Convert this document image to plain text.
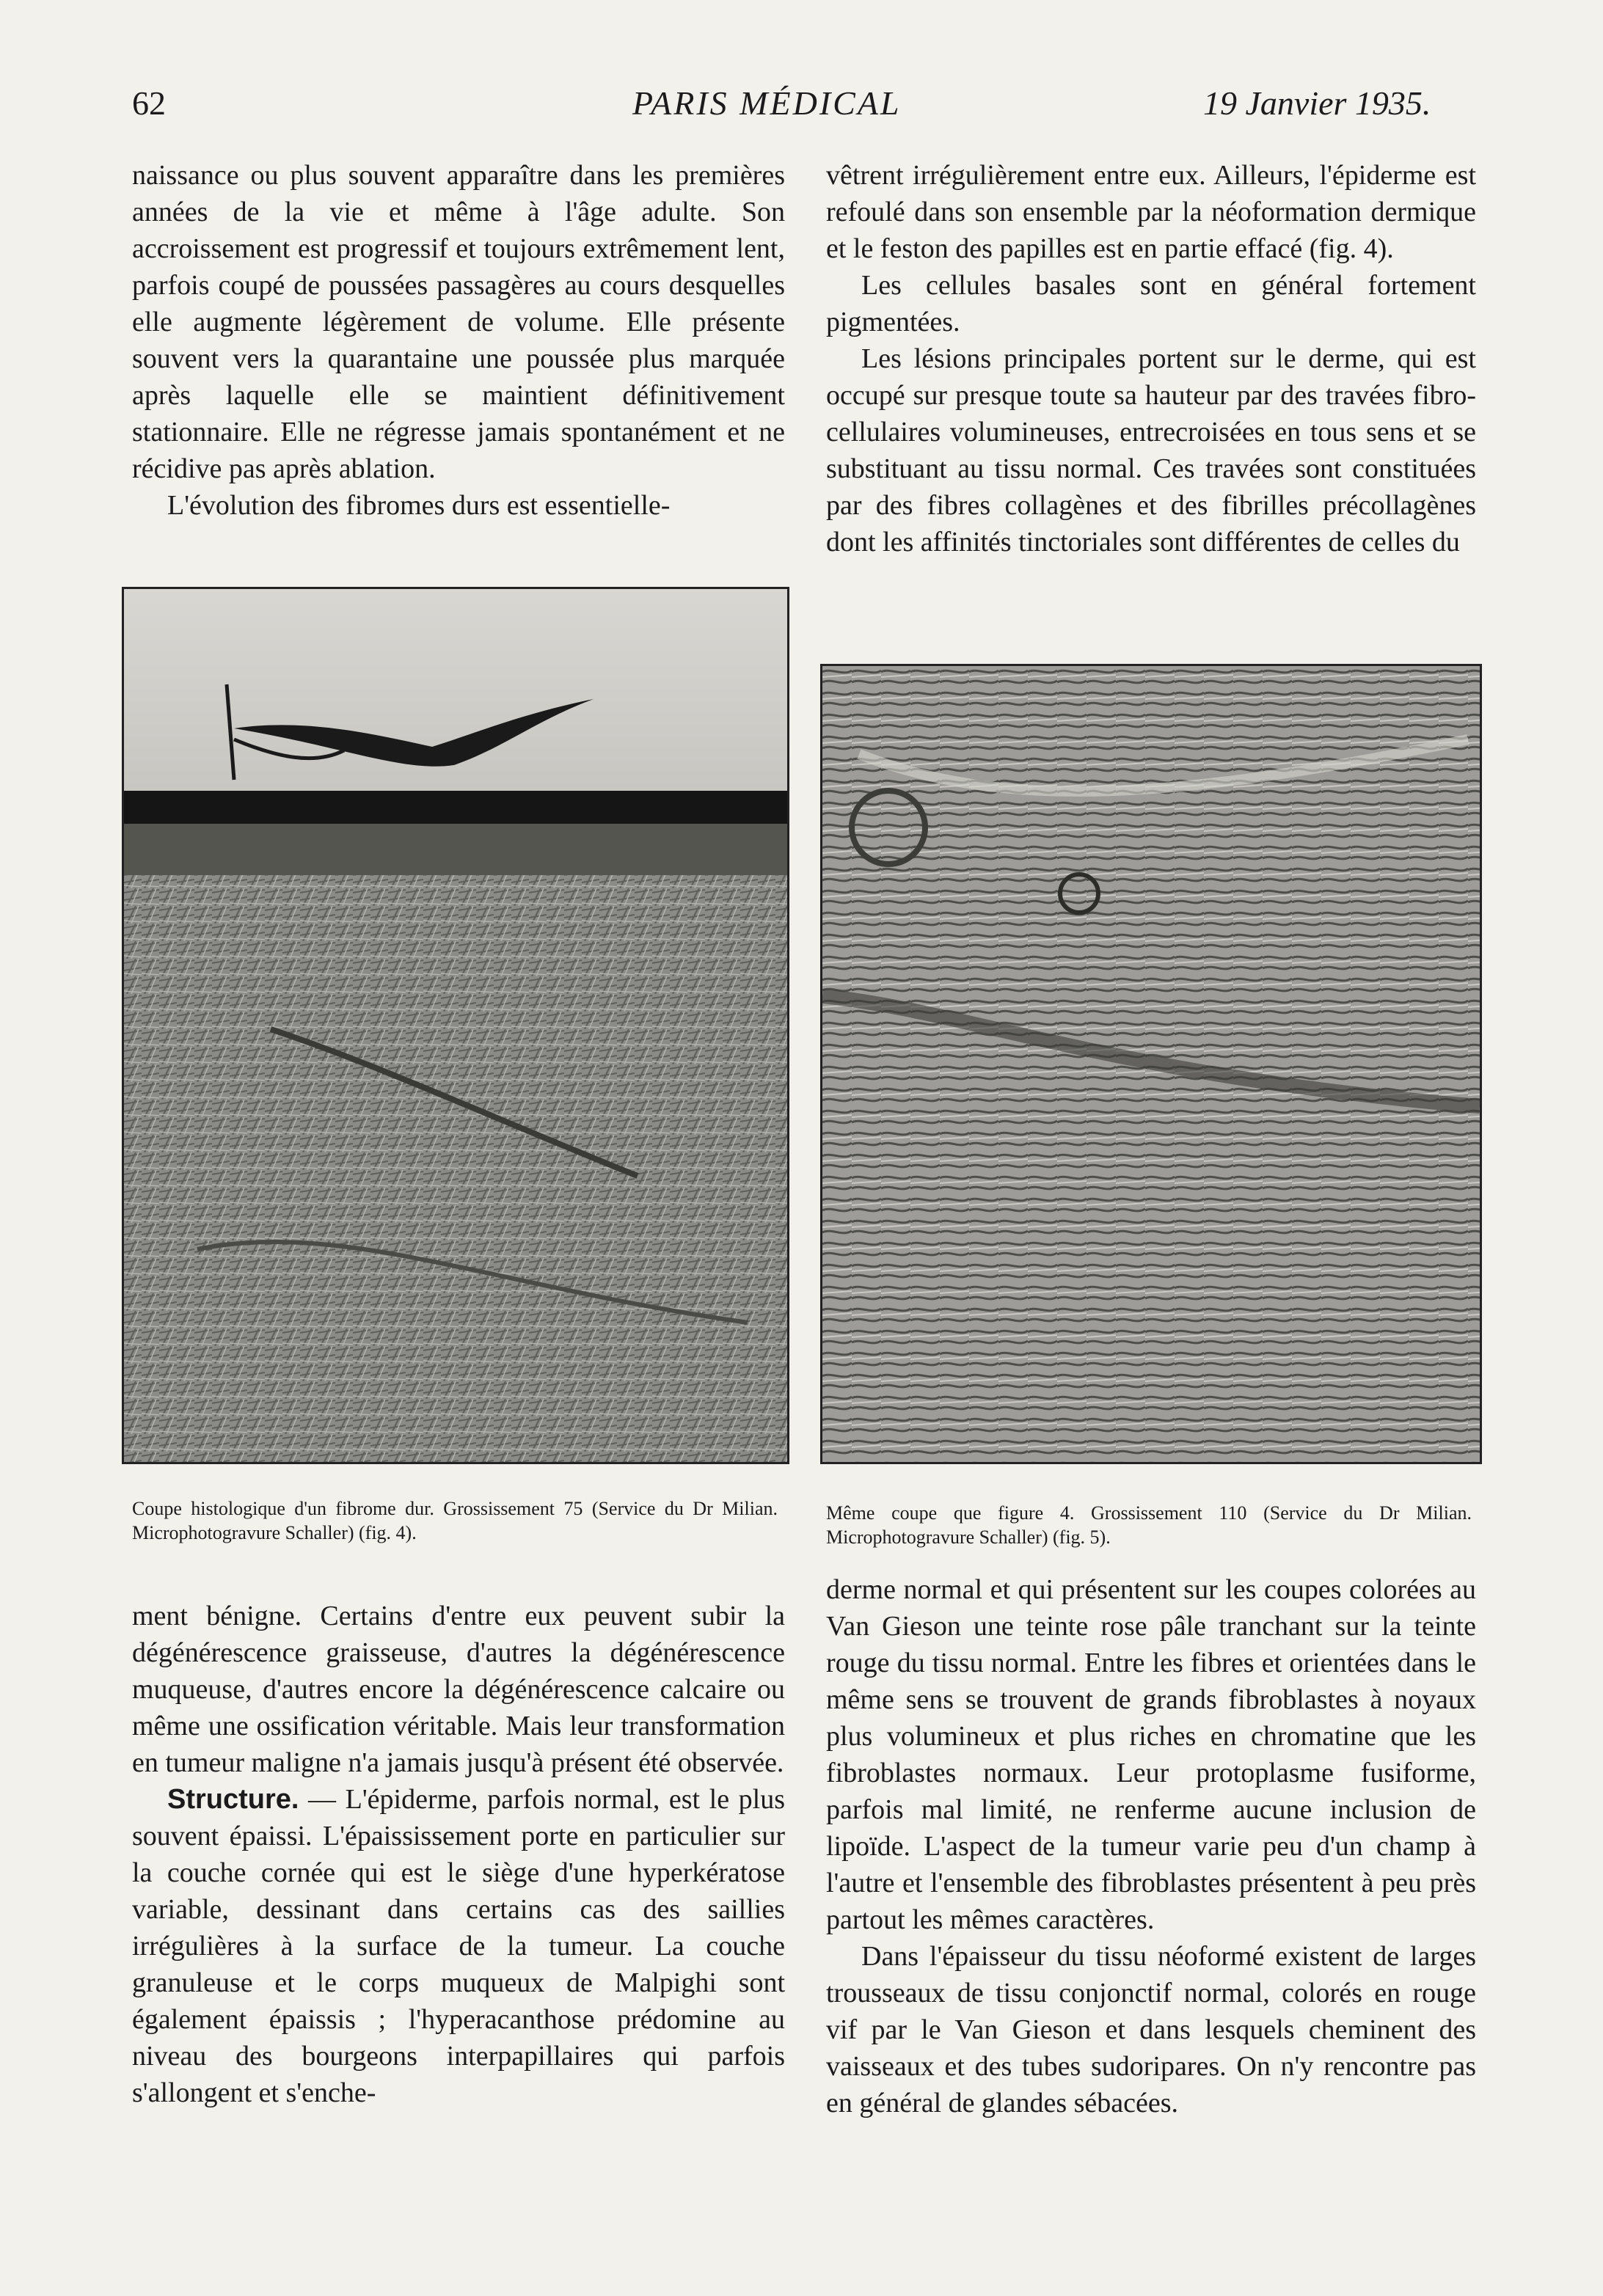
62	PARIS MÉDICAL	19 Janvier 1935.
naissance ou plus souvent apparaître dans les premières années de la vie et même à l'âge adulte. Son accroissement est progressif et toujours extrêmement lent, parfois coupé de poussées passagères au cours desquelles elle augmente légèrement de volume. Elle présente souvent vers la quarantaine une poussée plus marquée après laquelle elle se maintient définitivement stationnaire. Elle ne régresse jamais spontanément et ne récidive pas après ablation.
L'évolution des fibromes durs est essentielle-
Coupe histologique d'un fibrome dur. Grossissement 75 (Service du Dr Milian. Microphotogravure Schaller) (fig. 4).
ment bénigne. Certains d'entre eux peuvent subir la dégénérescence graisseuse, d'autres la dégénérescence muqueuse, d'autres encore la dégénérescence calcaire ou même une ossification véritable. Mais leur transformation en tumeur maligne n'a jamais jusqu'à présent été observée.
Structure. — L'épiderme, parfois normal, est le plus souvent épaissi. L'épaississement porte en particulier sur la couche cornée qui est le siège d'une hyperkératose variable, dessinant dans certains cas des saillies irrégulières à la surface de la tumeur. La couche granuleuse et le corps muqueux de Malpighi sont également épaissis ; l'hyperacanthose prédomine au niveau des bourgeons interpapillaires qui parfois s'allongent et s'enche-
vêtrent irrégulièrement entre eux. Ailleurs, l'épiderme est refoulé dans son ensemble par la néoformation dermique et le feston des papilles est en partie effacé (fig. 4).
Les cellules basales sont en général fortement pigmentées.
Les lésions principales portent sur le derme, qui est occupé sur presque toute sa hauteur par des travées fibro-cellulaires volumineuses, entrecroisées en tous sens et se substituant au tissu normal. Ces travées sont constituées par des fibres collagènes et des fibrilles précollagènes dont les affinités tinctoriales sont différentes de celles du
Même coupe que figure 4. Grossissement 110 (Service du Dr Milian. Microphotogravure Schaller) (fig. 5).
derme normal et qui présentent sur les coupes colorées au Van Gieson une teinte rose pâle tranchant sur la teinte rouge du tissu normal. Entre les fibres et orientées dans le même sens se trouvent de grands fibroblastes à noyaux plus volumineux et plus riches en chromatine que les fibroblastes normaux. Leur protoplasme fusiforme, parfois mal limité, ne renferme aucune inclusion de lipoïde. L'aspect de la tumeur varie peu d'un champ à l'autre et l'ensemble des fibroblastes présentent à peu près partout les mêmes caractères.
Dans l'épaisseur du tissu néoformé existent de larges trousseaux de tissu conjonctif normal, colorés en rouge vif par le Van Gieson et dans lesquels cheminent des vaisseaux et des tubes sudoripares. On n'y rencontre pas en général de glandes sébacées.
